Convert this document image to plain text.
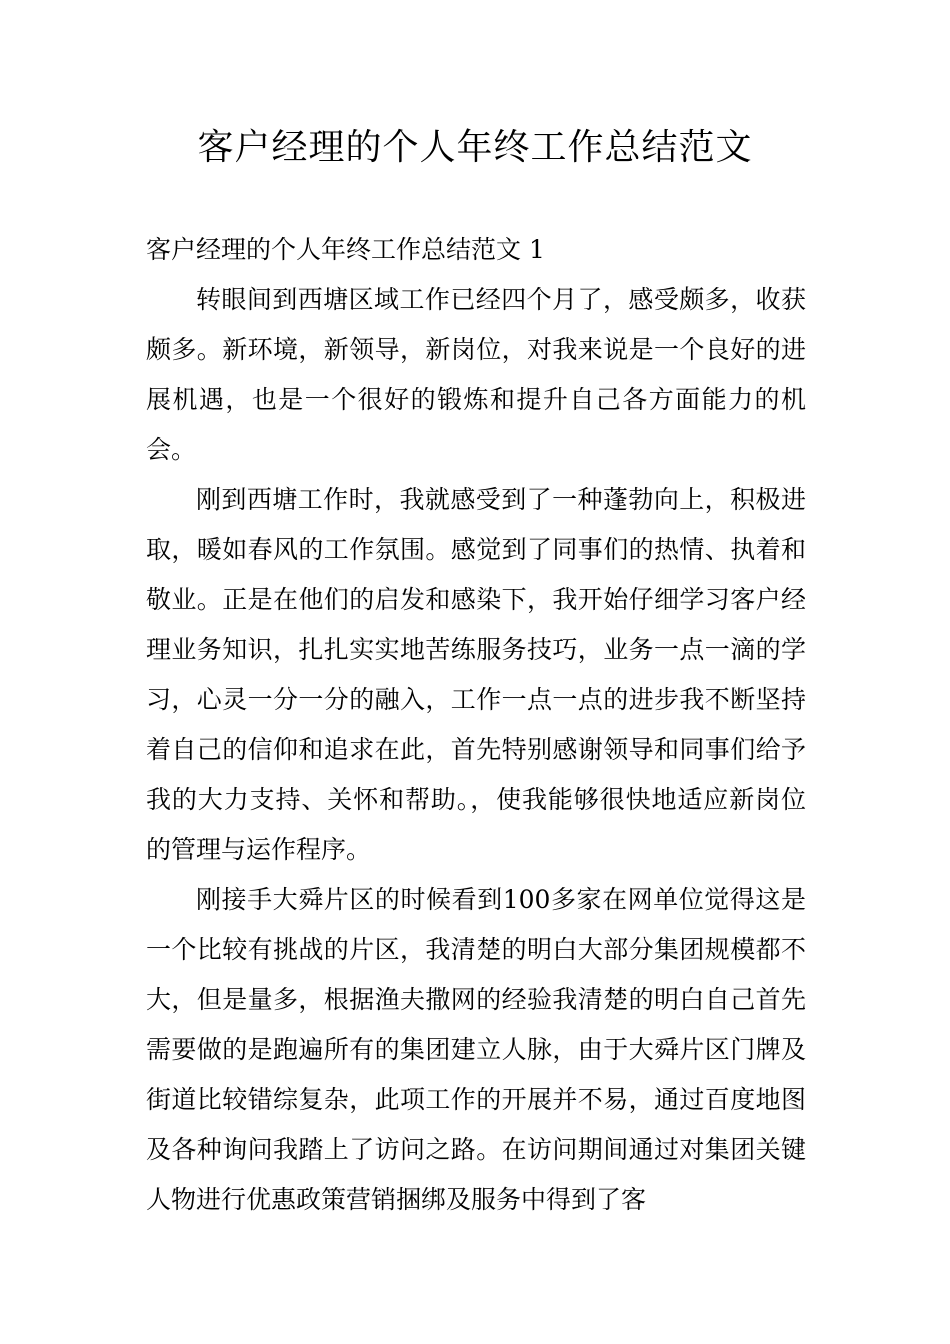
客户经理的个人年终工作总结范文

客户经理的个人年终工作总结范文 1

转眼间到西塘区域工作已经四个月了，感受颇多，收获颇多。新环境，新领导，新岗位，对我来说是一个良好的进展机遇，也是一个很好的锻炼和提升自己各方面能力的机会。

刚到西塘工作时，我就感受到了一种蓬勃向上，积极进取，暖如春风的工作氛围。感觉到了同事们的热情、执着和敬业。正是在他们的启发和感染下，我开始仔细学习客户经理业务知识，扎扎实实地苦练服务技巧，业务一点一滴的学习，心灵一分一分的融入，工作一点一点的进步我不断坚持着自己的信仰和追求在此，首先特别感谢领导和同事们给予我的大力支持、关怀和帮助。，使我能够很快地适应新岗位的管理与运作程序。

刚接手大舜片区的时候看到100多家在网单位觉得这是一个比较有挑战的片区，我清楚的明白大部分集团规模都不大，但是量多，根据渔夫撒网的经验我清楚的明白自己首先需要做的是跑遍所有的集团建立人脉，由于大舜片区门牌及街道比较错综复杂，此项工作的开展并不易，通过百度地图及各种询问我踏上了访问之路。在访问期间通过对集团关键人物进行优惠政策营销捆绑及服务中得到了客
